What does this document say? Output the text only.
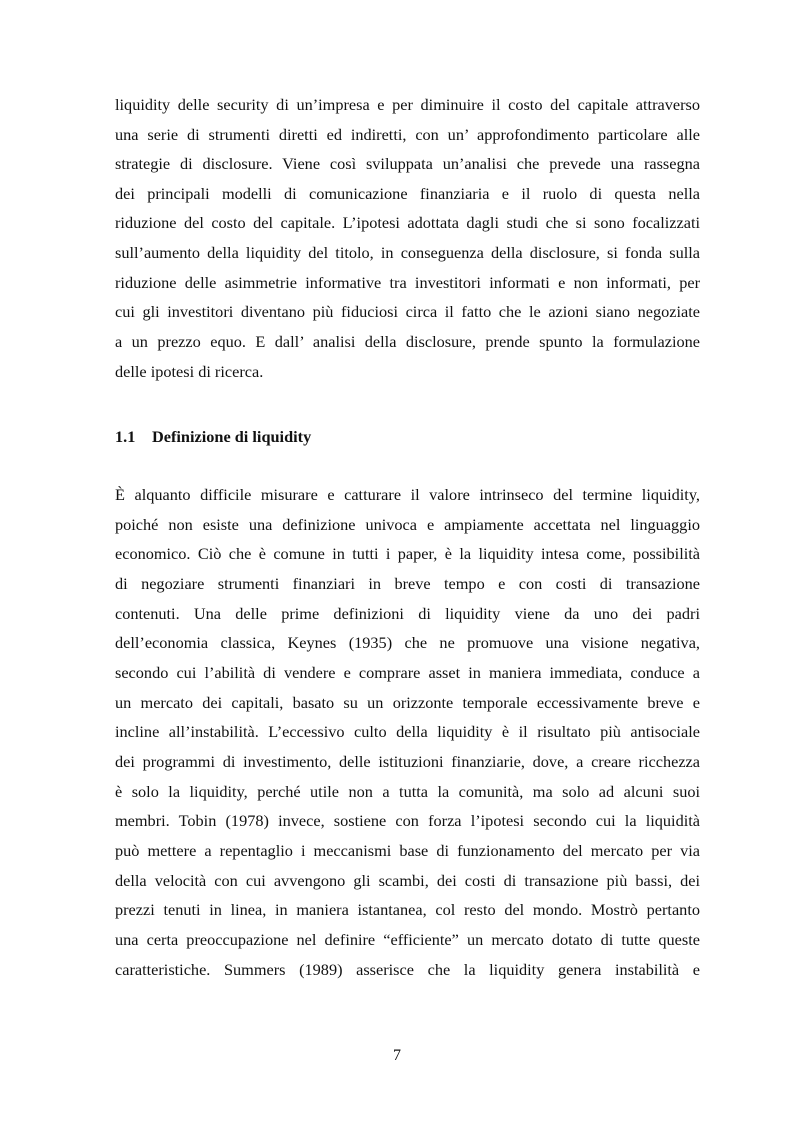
liquidity delle security di un’impresa e per diminuire il costo del capitale attraverso
una serie di strumenti diretti ed indiretti, con un’ approfondimento particolare alle
strategie di disclosure. Viene così sviluppata un’analisi che prevede una rassegna
dei principali modelli di comunicazione finanziaria e il ruolo di questa nella
riduzione del costo del capitale. L’ipotesi adottata dagli studi che si sono focalizzati
sull’aumento della liquidity del titolo, in conseguenza della disclosure, si fonda sulla
riduzione delle asimmetrie informative tra investitori informati e non informati, per
cui gli investitori diventano più fiduciosi circa il fatto che le azioni siano negoziate
a un prezzo equo. E dall’ analisi della disclosure, prende spunto la formulazione
delle ipotesi di ricerca.
1.1 Definizione di liquidity
È alquanto difficile misurare e catturare il valore intrinseco del termine liquidity,
poiché non esiste una definizione univoca e ampiamente accettata nel linguaggio
economico. Ciò che è comune in tutti i paper, è la liquidity intesa come, possibilità
di negoziare strumenti finanziari in breve tempo e con costi di transazione
contenuti. Una delle prime definizioni di liquidity viene da uno dei padri
dell’economia classica, Keynes (1935) che ne promuove una visione negativa,
secondo cui l’abilità di vendere e comprare asset in maniera immediata, conduce a
un mercato dei capitali, basato su un orizzonte temporale eccessivamente breve e
incline all’instabilità. L’eccessivo culto della liquidity è il risultato più antisociale
dei programmi di investimento, delle istituzioni finanziarie, dove, a creare ricchezza
è solo la liquidity, perché utile non a tutta la comunità, ma solo ad alcuni suoi
membri. Tobin (1978) invece, sostiene con forza l’ipotesi secondo cui la liquidità
può mettere a repentaglio i meccanismi base di funzionamento del mercato per via
della velocità con cui avvengono gli scambi, dei costi di transazione più bassi, dei
prezzi tenuti in linea, in maniera istantanea, col resto del mondo. Mostrò pertanto
una certa preoccupazione nel definire “efficiente” un mercato dotato di tutte queste
caratteristiche. Summers (1989) asserisce che la liquidity genera instabilità e
7
